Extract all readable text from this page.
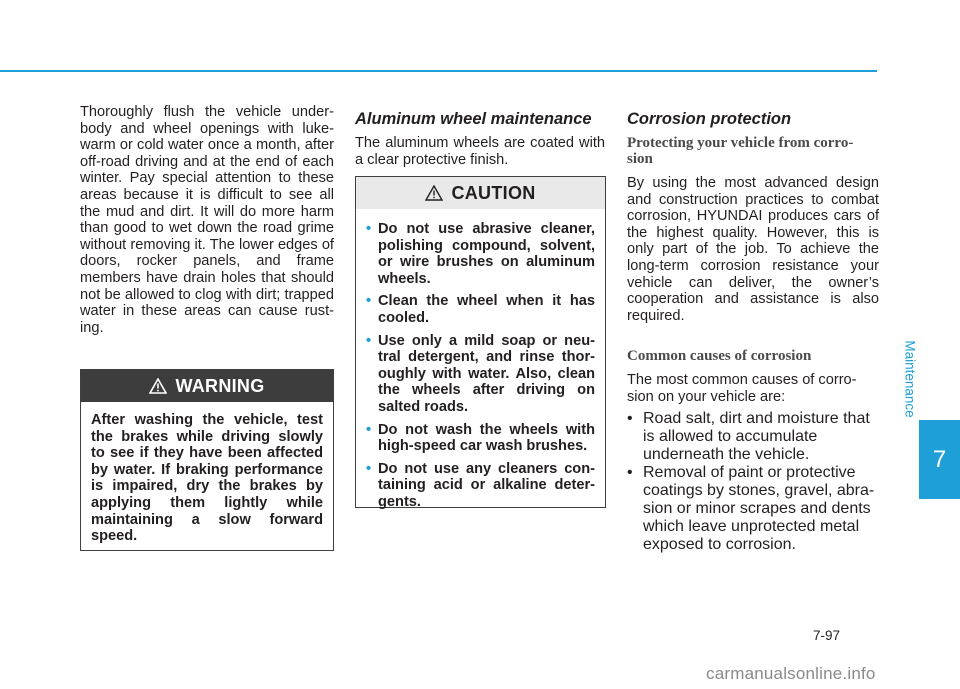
Thoroughly flush the vehicle under-body and wheel openings with luke-warm or cold water once a month, after off-road driving and at the end of each winter. Pay special attention to these areas because it is difficult to see all the mud and dirt. It will do more harm than good to wet down the road grime without removing it. The lower edges of doors, rocker panels, and frame members have drain holes that should not be allowed to clog with dirt; trapped water in these areas can cause rust-ing.

WARNING
After washing the vehicle, test the brakes while driving slowly to see if they have been affected by water. If braking performance is impaired, dry the brakes by applying them lightly while maintaining a slow forward speed.
Aluminum wheel maintenance

The aluminum wheels are coated with a clear protective finish.

CAUTION
• Do not use abrasive cleaner, polishing compound, solvent, or wire brushes on aluminum wheels.
• Clean the wheel when it has cooled.
• Use only a mild soap or neu-tral detergent, and rinse thor-oughly with water. Also, clean the wheels after driving on salted roads.
• Do not wash the wheels with high-speed car wash brushes.
• Do not use any cleaners con-taining acid or alkaline deter-gents.
Corrosion protection
Protecting your vehicle from corro-sion

By using the most advanced design and construction practices to combat corrosion, HYUNDAI produces cars of the highest quality. However, this is only part of the job. To achieve the long-term corrosion resistance your vehicle can deliver, the owner’s cooperation and assistance is also required.

Common causes of corrosion

The most common causes of corro-sion on your vehicle are:

• Road salt, dirt and moisture that is allowed to accumulate underneath the vehicle.
• Removal of paint or protective coatings by stones, gravel, abra-sion or minor scrapes and dents which leave unprotected metal exposed to corrosion.
Maintenance
7
7-97
carmanualsonline.info
